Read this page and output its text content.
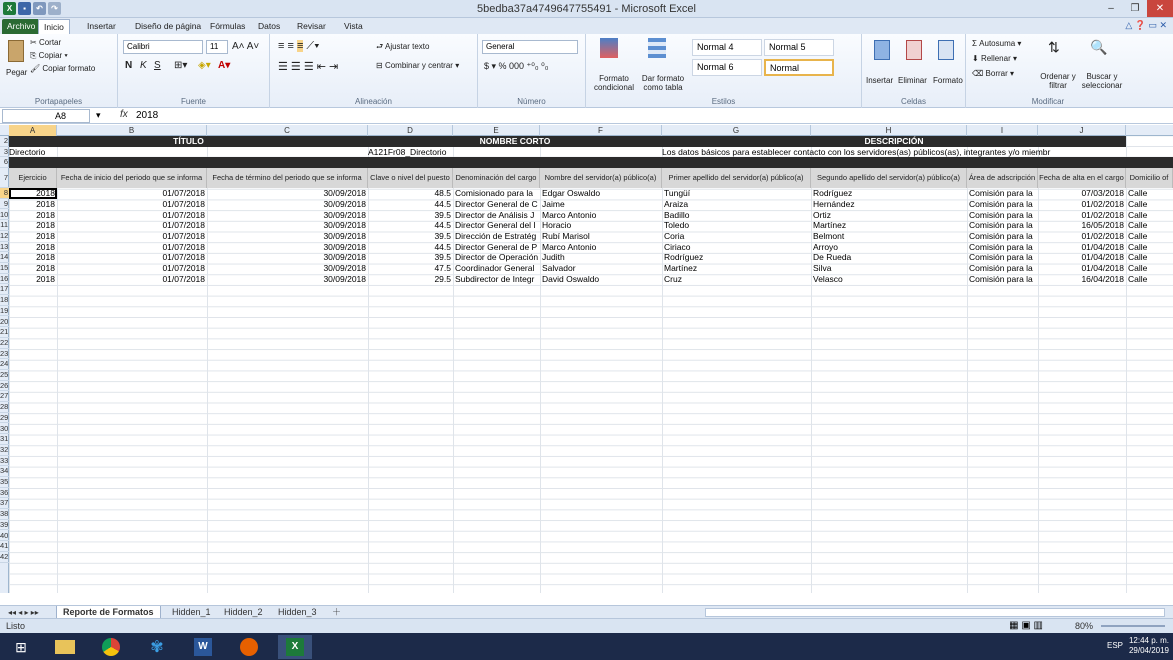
X	▪	↶	↷	5bedba37a4749647755491 - Microsoft Excel	–	❐	✕
Archivo	Inicio	Insertar	Diseño de página	Fórmulas	Datos	Revisar	Vista	△ ❓ ▭ ✕
Pegar
✂ Cortar
⎘ Copiar ▾
🖌 Copiar formato
Portapapeles
Calibri	11	A˄ A˅
N K S ⊞▾ ◈▾ A▾
Fuente
≡ ≡ ≡ ⟋▾
☰ ☰ ☰ ⇤ ⇥
⮐ Ajustar texto
⊟ Combinar y centrar ▾
Alineación
General
$ ▾ % 000 ⁺⁰₀ ⁰₀
Número
Formato condicional
Dar formato como tabla
Normal 4	Normal 5
Normal 6	Normal
Estilos
Insertar Eliminar Formato
Celdas
Σ Autosuma ▾
⬇ Rellenar ▾
⌫ Borrar ▾
⇅ 🔍
Ordenar y filtrar
Buscar y seleccionar
Modificar
A8	▾ fx 2018
A	B	C	D	E	F	G	H	I	J
2
3
6
7
8
9
10
11
12
13
14
15
16
17
18
19
20
21
22
23
24
25
26
27
28
29
30
31
32
33
34
35
36
37
38
39
40
41
42
TÍTULO	NOMBRE CORTO	DESCRIPCIÓN
Directorio	A121Fr08_Directorio	Los datos básicos para establecer contacto con los servidores(as) públicos(as), integrantes y/o miembr
Ejercicio	Fecha de inicio del periodo que se informa	Fecha de término del periodo que se informa	Clave o nivel del puesto Denominación del cargo	Nombre del servidor(a) público(a)	Primer apellido del servidor(a) público(a)	Segundo apellido del servidor(a) público(a)	Área de adscripción Fecha de alta en el cargo Domicilio of
2018	01/07/2018	30/09/2018	48.5 Comisionado para la	Edgar Oswaldo	Tungüí	Rodríguez	Comisión para la	07/03/2018 Calle
2018	01/07/2018	30/09/2018	44.5 Director General de C Jaime	Araiza	Hernández	Comisión para la	01/02/2018 Calle
2018	01/07/2018	30/09/2018	39.5 Director de Análisis J Marco Antonio	Badillo	Ortiz	Comisión para la	01/02/2018 Calle
2018	01/07/2018	30/09/2018	44.5 Director General del I Horacio	Toledo	Martínez	Comisión para la	16/05/2018 Calle
2018	01/07/2018	30/09/2018	39.5 Dirección de Estratég Rubí Marisol	Coria	Belmont	Comisión para la	01/02/2018 Calle
2018	01/07/2018	30/09/2018	44.5 Director General de P Marco Antonio	Ciriaco	Arroyo	Comisión para la	01/04/2018 Calle
2018	01/07/2018	30/09/2018	39.5 Director de Operación Judith	Rodríguez	De Rueda	Comisión para la	01/04/2018 Calle
2018	01/07/2018	30/09/2018	47.5 Coordinador General Salvador	Martínez	Silva	Comisión para la	01/04/2018 Calle
2018	01/07/2018	30/09/2018	29.5 Subdirector de Integr David Oswaldo	Cruz	Velasco	Comisión para la	16/04/2018 Calle
◂◂ ◂ ▸ ▸▸	Reporte de Formatos	Hidden_1	Hidden_2	Hidden_3	＋
Listo	▦ ▣ ▥	80%
⊞	✾	W	X	ESP
12:44 p. m.
29/04/2019
